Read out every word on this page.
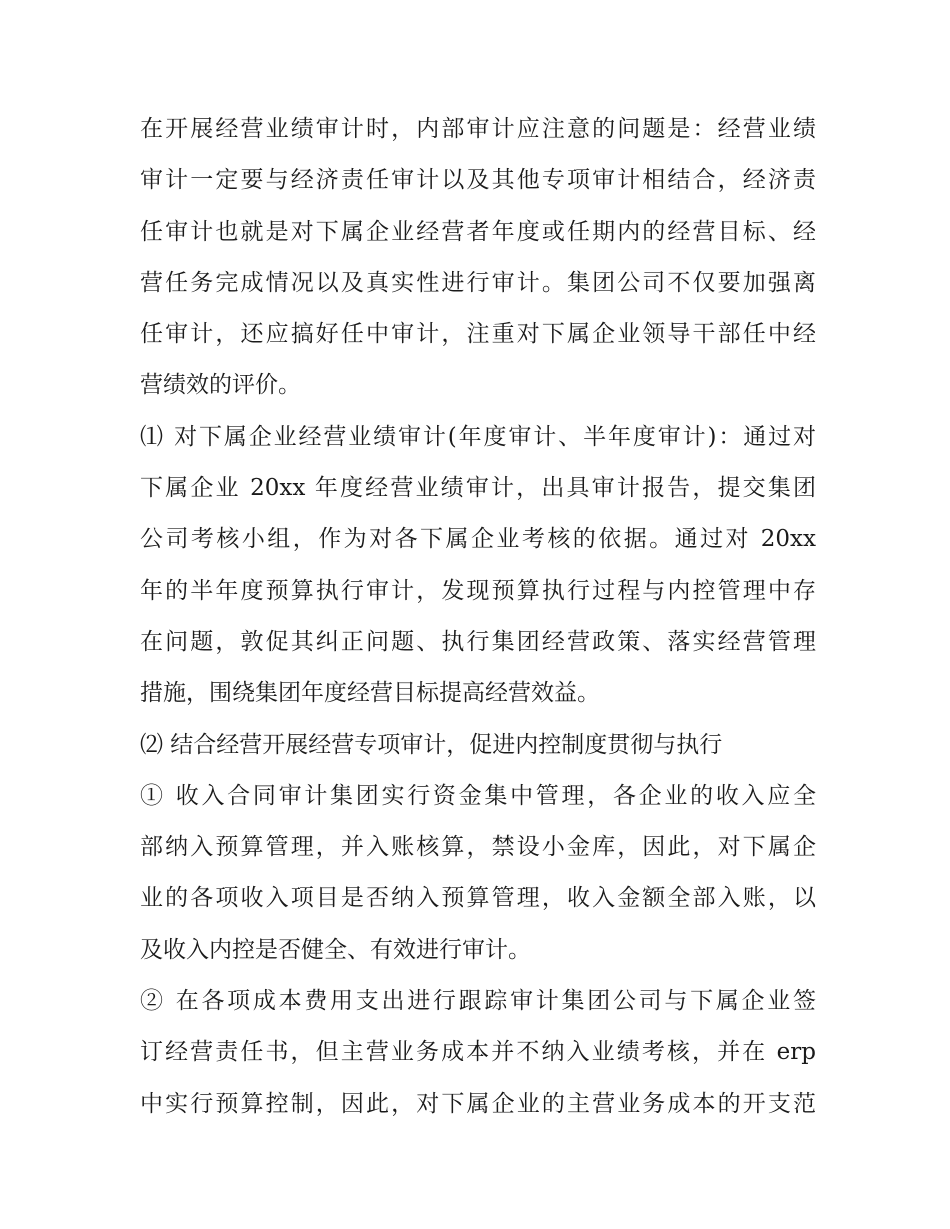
在开展经营业绩审计时，内部审计应注意的问题是：经营业绩
审计一定要与经济责任审计以及其他专项审计相结合，经济责
任审计也就是对下属企业经营者年度或任期内的经营目标、经
营任务完成情况以及真实性进行审计。集团公司不仅要加强离
任审计，还应搞好任中审计，注重对下属企业领导干部任中经
营绩效的评价。
⑴ 对下属企业经营业绩审计(年度审计、半年度审计)：通过对
下属企业 20xx 年度经营业绩审计，出具审计报告，提交集团
公司考核小组，作为对各下属企业考核的依据。通过对 20xx
年的半年度预算执行审计，发现预算执行过程与内控管理中存
在问题，敦促其纠正问题、执行集团经营政策、落实经营管理
措施，围绕集团年度经营目标提高经营效益。
⑵ 结合经营开展经营专项审计，促进内控制度贯彻与执行
① 收入合同审计集团实行资金集中管理，各企业的收入应全
部纳入预算管理，并入账核算，禁设小金库，因此，对下属企
业的各项收入项目是否纳入预算管理，收入金额全部入账，以
及收入内控是否健全、有效进行审计。
② 在各项成本费用支出进行跟踪审计集团公司与下属企业签
订经营责任书，但主营业务成本并不纳入业绩考核，并在 erp
中实行预算控制，因此，对下属企业的主营业务成本的开支范
